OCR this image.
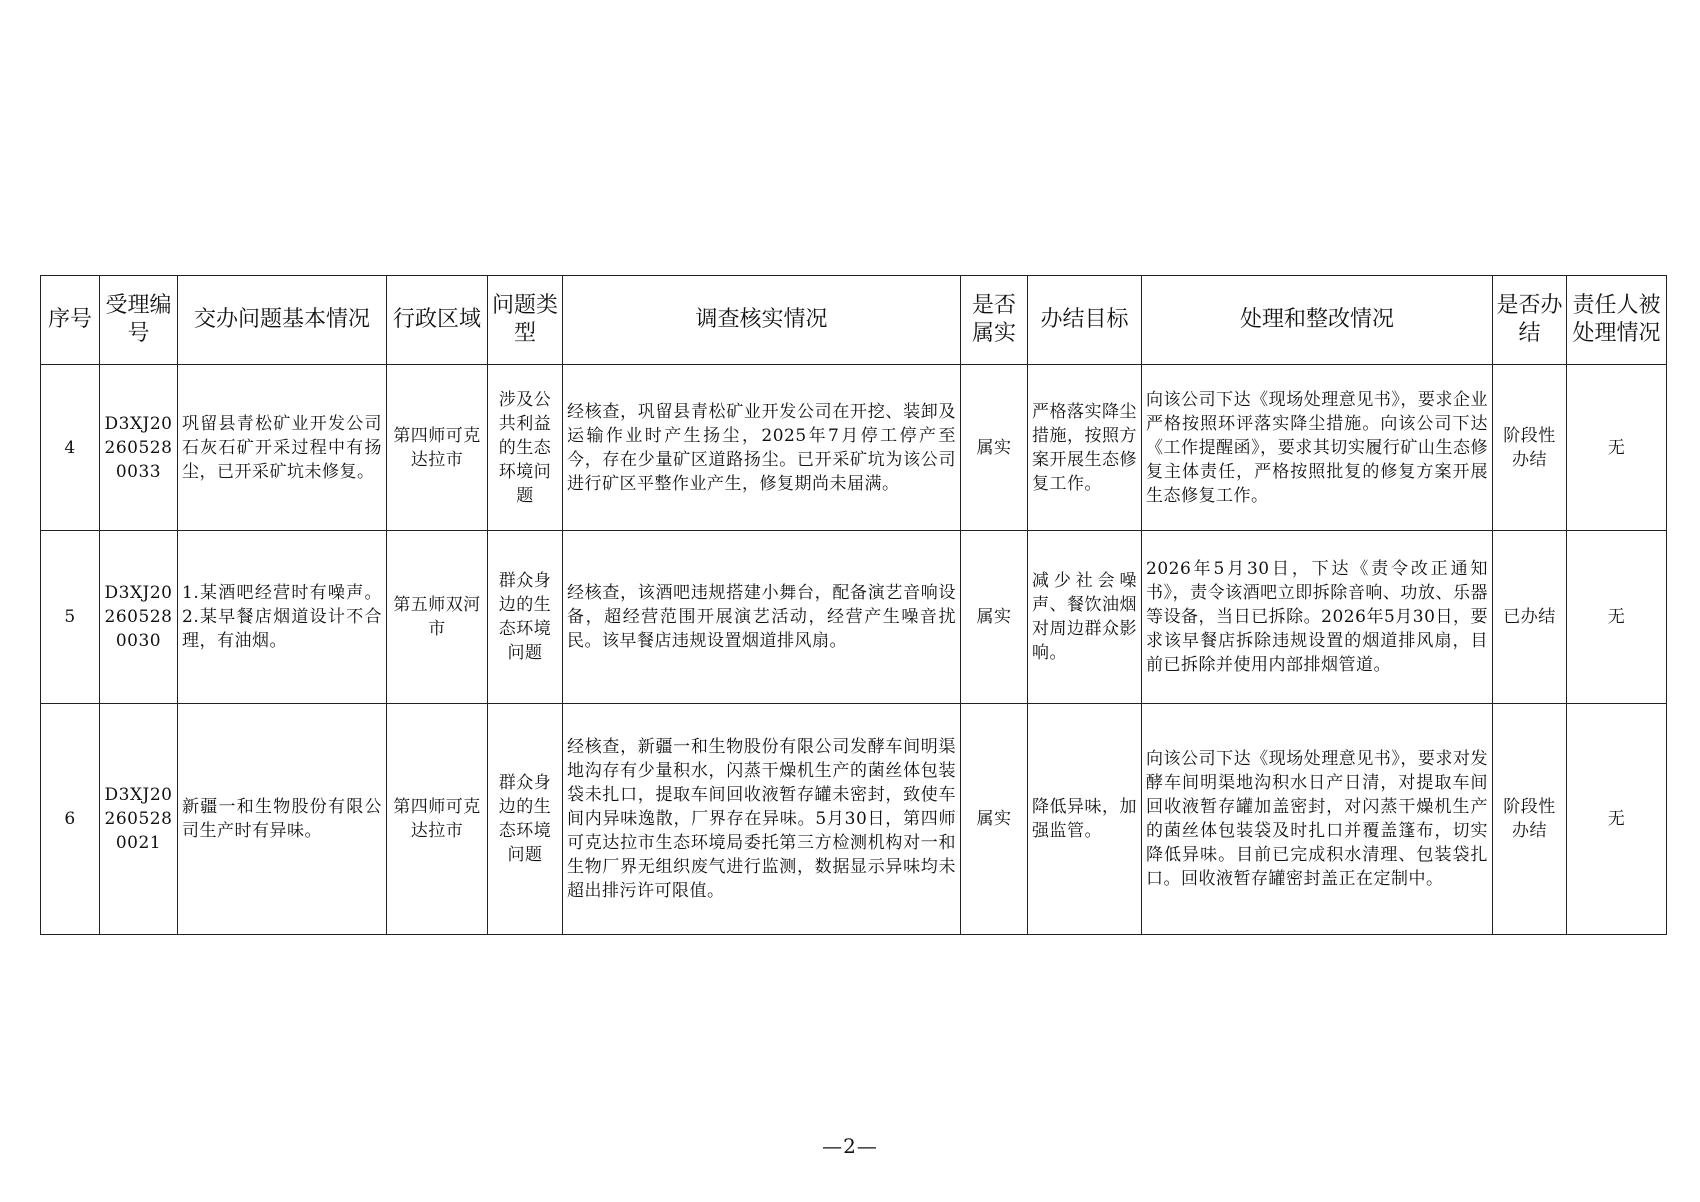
序号	受理编号	交办问题基本情况	行政区域	问题类型	调查核实情况	是否属实	办结目标	处理和整改情况	是否办结	责任人被处理情况
4	D3XJ202605280033	巩留县青松矿业开发公司石灰石矿开采过程中有扬尘，已开采矿坑未修复。	第四师可克达拉市	涉及公共利益的生态环境问题	经核查，巩留县青松矿业开发公司在开挖、装卸及运输作业时产生扬尘，2025年7月停工停产至今，存在少量矿区道路扬尘。已开采矿坑为该公司进行矿区平整作业产生，修复期尚未届满。	属实	严格落实降尘措施，按照方案开展生态修复工作。	向该公司下达《现场处理意见书》，要求企业严格按照环评落实降尘措施。向该公司下达《工作提醒函》，要求其切实履行矿山生态修复主体责任，严格按照批复的修复方案开展生态修复工作。	阶段性办结	无
5	D3XJ202605280030	1.某酒吧经营时有噪声。2.某早餐店烟道设计不合理，有油烟。	第五师双河市	群众身边的生态环境问题	经核查，该酒吧违规搭建小舞台，配备演艺音响设备，超经营范围开展演艺活动，经营产生噪音扰民。该早餐店违规设置烟道排风扇。	属实	减少社会噪声、餐饮油烟对周边群众影响。	2026年5月30日，下达《责令改正通知书》，责令该酒吧立即拆除音响、功放、乐器等设备，当日已拆除。2026年5月30日，要求该早餐店拆除违规设置的烟道排风扇，目前已拆除并使用内部排烟管道。	已办结	无
6	D3XJ202605280021	新疆一和生物股份有限公司生产时有异味。	第四师可克达拉市	群众身边的生态环境问题	经核查，新疆一和生物股份有限公司发酵车间明渠地沟存有少量积水，闪蒸干燥机生产的菌丝体包装袋未扎口，提取车间回收液暂存罐未密封，致使车间内异味逸散，厂界存在异味。5月30日，第四师可克达拉市生态环境局委托第三方检测机构对一和生物厂界无组织废气进行监测，数据显示异味均未超出排污许可限值。	属实	降低异味，加强监管。	向该公司下达《现场处理意见书》，要求对发酵车间明渠地沟积水日产日清，对提取车间回收液暂存罐加盖密封，对闪蒸干燥机生产的菌丝体包装袋及时扎口并覆盖篷布，切实降低异味。目前已完成积水清理、包装袋扎口。回收液暂存罐密封盖正在定制中。	阶段性办结	无
—2—
